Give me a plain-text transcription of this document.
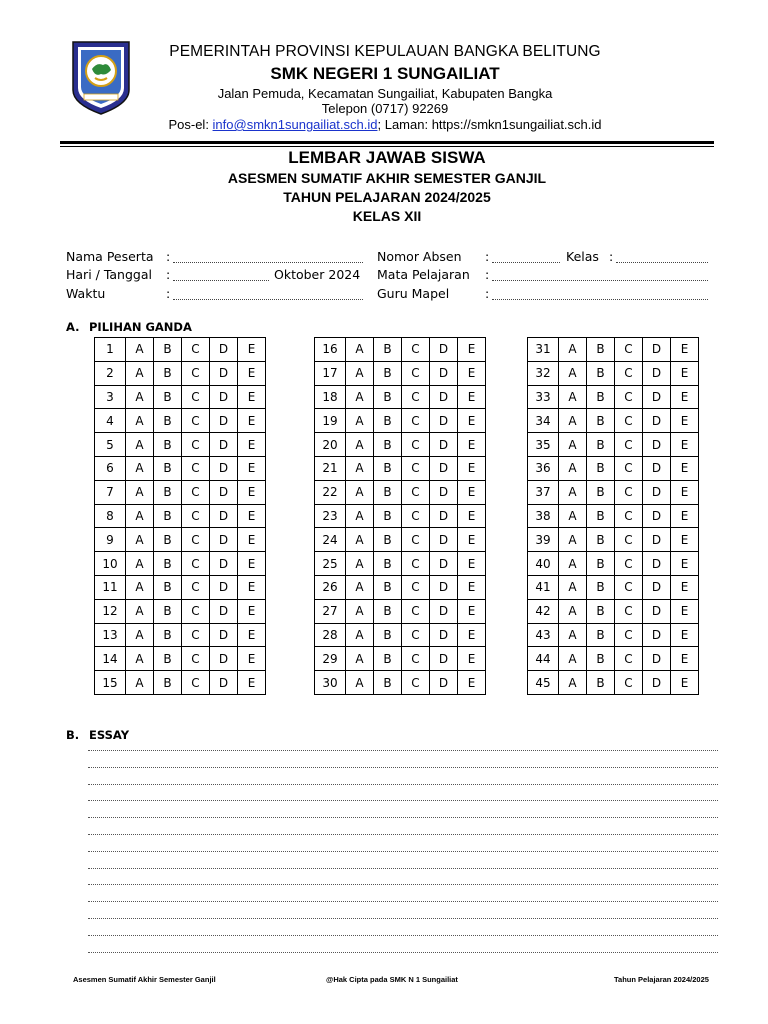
PEMERINTAH PROVINSI KEPULAUAN BANGKA BELITUNG
SMK NEGERI 1 SUNGAILIAT
Jalan Pemuda, Kecamatan Sungailiat, Kabupaten Bangka
Telepon (0717) 92269
Pos-el: info@smkn1sungailiat.sch.id; Laman: https://smkn1sungailiat.sch.id
LEMBAR JAWAB SISWA
ASESMEN SUMATIF AKHIR SEMESTER GANJIL
TAHUN PELAJARAN 2024/2025
KELAS XII
Nama Peserta :
Hari / Tanggal :	Oktober 2024
Waktu	:
Nomor Absen :	Kelas :
Mata Pelajaran :
Guru Mapel	:
A. PILIHAN GANDA
1	A	B	C	D	E
2	A	B	C	D	E
3	A	B	C	D	E
4	A	B	C	D	E
5	A	B	C	D	E
6	A	B	C	D	E
7	A	B	C	D	E
8	A	B	C	D	E
9	A	B	C	D	E
10	A	B	C	D	E
11	A	B	C	D	E
12	A	B	C	D	E
13	A	B	C	D	E
14	A	B	C	D	E
15	A	B	C	D	E
16	A	B	C	D	E
17	A	B	C	D	E
18	A	B	C	D	E
19	A	B	C	D	E
20	A	B	C	D	E
21	A	B	C	D	E
22	A	B	C	D	E
23	A	B	C	D	E
24	A	B	C	D	E
25	A	B	C	D	E
26	A	B	C	D	E
27	A	B	C	D	E
28	A	B	C	D	E
29	A	B	C	D	E
30	A	B	C	D	E
31	A	B	C	D	E
32	A	B	C	D	E
33	A	B	C	D	E
34	A	B	C	D	E
35	A	B	C	D	E
36	A	B	C	D	E
37	A	B	C	D	E
38	A	B	C	D	E
39	A	B	C	D	E
40	A	B	C	D	E
41	A	B	C	D	E
42	A	B	C	D	E
43	A	B	C	D	E
44	A	B	C	D	E
45	A	B	C	D	E
B. ESSAY
Asesmen Sumatif Akhir Semester Ganjil	@Hak Cipta pada SMK N 1 Sungailiat	Tahun Pelajaran 2024/2025
